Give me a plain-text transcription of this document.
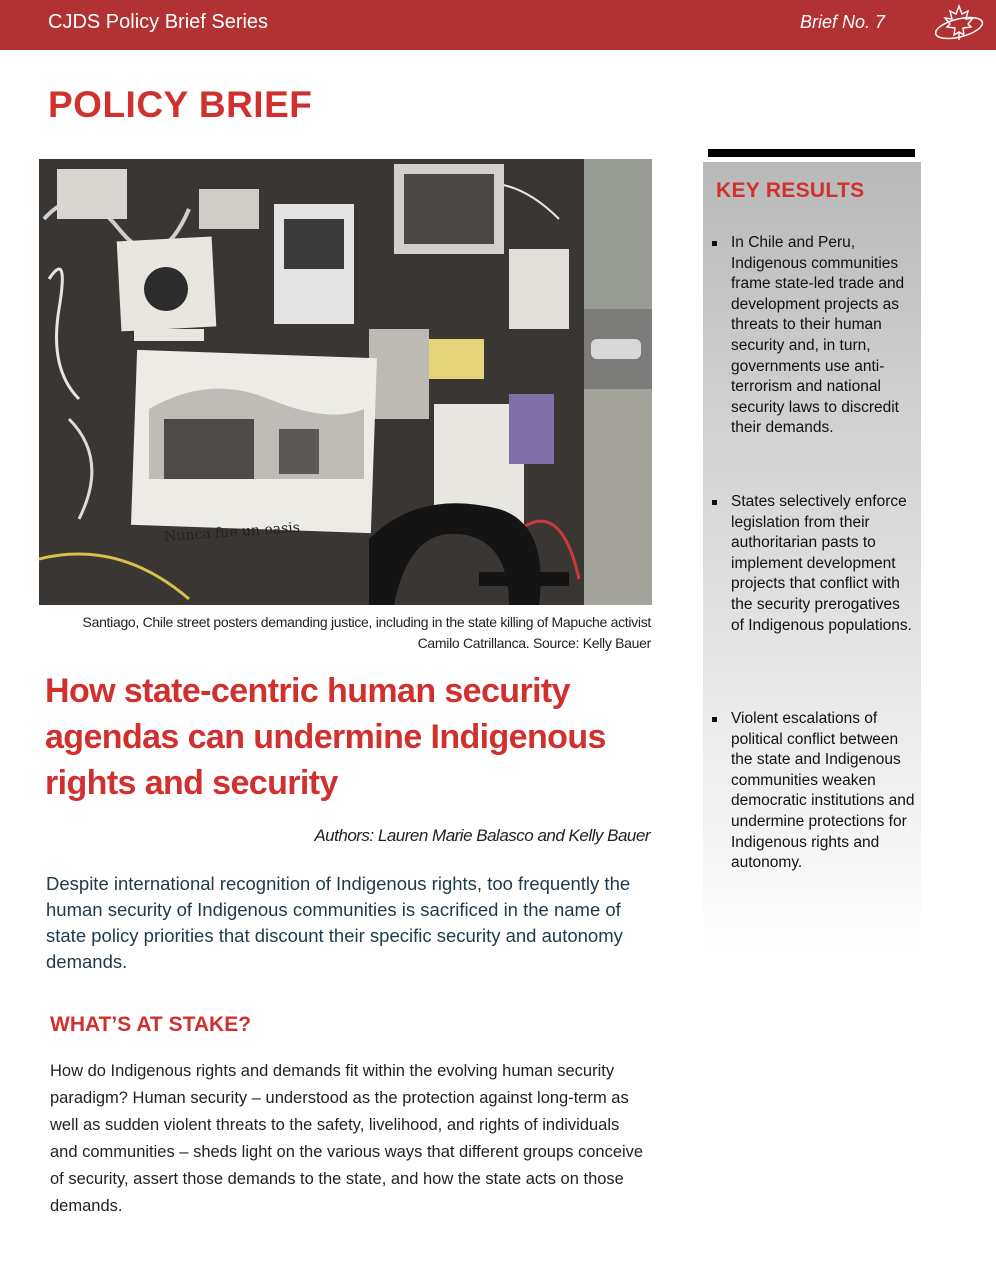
CJDS Policy Brief Series	Brief No. 7
POLICY BRIEF
Nunca fue un oasis
Santiago, Chile street posters demanding justice, including in the state killing of Mapuche activist
Camilo Catrillanca. Source: Kelly Bauer
How state-centric human security agendas can undermine Indigenous rights and security
Authors: Lauren Marie Balasco and Kelly Bauer
Despite international recognition of Indigenous rights, too frequently the human security of Indigenous communities is sacrificed in the name of state policy priorities that discount their specific security and autonomy demands.
WHAT’S AT STAKE?
How do Indigenous rights and demands fit within the evolving human security paradigm? Human security – understood as the protection against long-term as well as sudden violent threats to the safety, livelihood, and rights of individuals and communities – sheds light on the various ways that different groups conceive of security, assert those demands to the state, and how the state acts on those demands.
KEY RESULTS
In Chile and Peru, Indigenous communities frame state-led trade and development projects as threats to their human security and, in turn, governments use anti-terrorism and national security laws to discredit their demands.
States selectively enforce legislation from their authoritarian pasts to implement development projects that conflict with the security prerogatives of Indigenous populations.
Violent escalations of political conflict between the state and Indigenous communities weaken democratic institutions and undermine protections for Indigenous rights and autonomy.
